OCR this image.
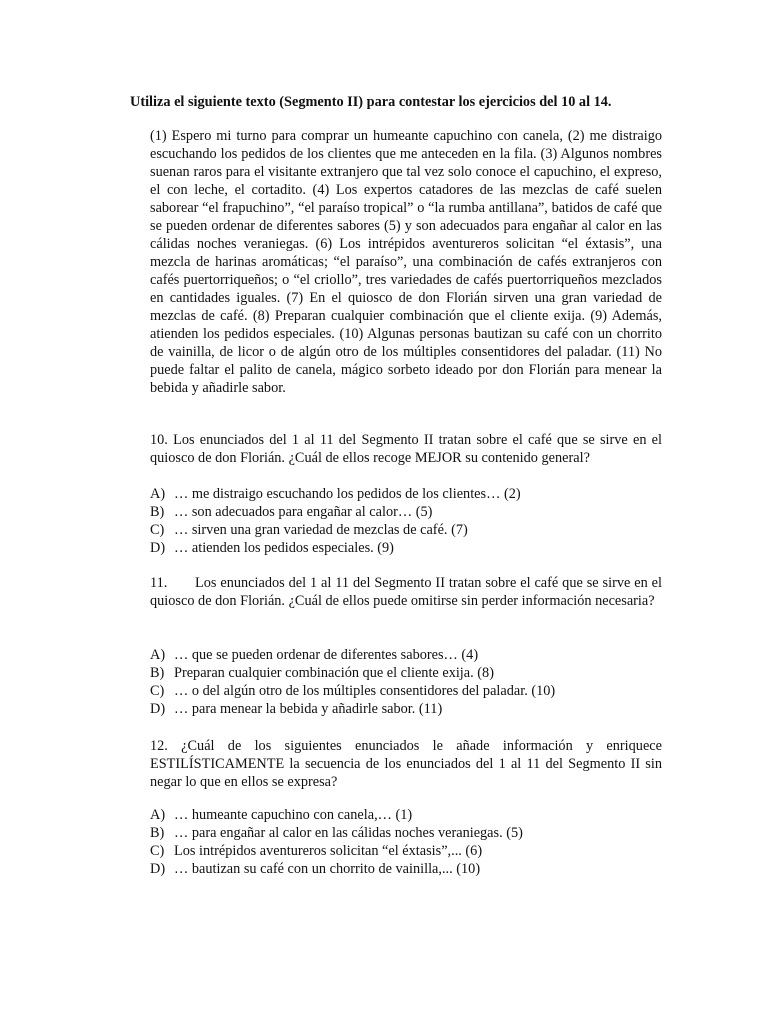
Utiliza el siguiente texto (Segmento II) para contestar los ejercicios del 10 al 14.
(1) Espero mi turno para comprar un humeante capuchino con canela, (2) me distraigo escuchando los pedidos de los clientes que me anteceden en la fila. (3) Algunos nombres suenan raros para el visitante extranjero que tal vez solo conoce el capuchino, el expreso, el con leche, el cortadito. (4) Los expertos catadores de las mezclas de café suelen saborear “el frapuchino”, “el paraíso tropical” o “la rumba antillana”, batidos de café que se pueden ordenar de diferentes sabores (5) y son adecuados para engañar al calor en las cálidas noches veraniegas. (6) Los intrépidos aventureros solicitan “el éxtasis”, una mezcla de harinas aromáticas; “el paraíso”, una combinación de cafés extranjeros con cafés puertorriqueños; o “el criollo”, tres variedades de cafés puertorriqueños mezclados en cantidades iguales. (7) En el quiosco de don Florián sirven una gran variedad de mezclas de café. (8) Preparan cualquier combinación que el cliente exija. (9) Además, atienden los pedidos especiales. (10) Algunas personas bautizan su café con un chorrito de vainilla, de licor o de algún otro de los múltiples consentidores del paladar. (11) No puede faltar el palito de canela, mágico sorbeto ideado por don Florián para menear la bebida y añadirle sabor.
10. Los enunciados del 1 al 11 del Segmento II tratan sobre el café que se sirve en el quiosco de don Florián. ¿Cuál de ellos recoge MEJOR su contenido general?
A) … me distraigo escuchando los pedidos de los clientes… (2)
B) … son adecuados para engañar al calor… (5)
C) … sirven una gran variedad de mezclas de café. (7)
D) … atienden los pedidos especiales. (9)
11. Los enunciados del 1 al 11 del Segmento II tratan sobre el café que se sirve en el quiosco de don Florián. ¿Cuál de ellos puede omitirse sin perder información necesaria?
A) … que se pueden ordenar de diferentes sabores… (4)
B) Preparan cualquier combinación que el cliente exija. (8)
C) … o del algún otro de los múltiples consentidores del paladar. (10)
D) … para menear la bebida y añadirle sabor. (11)
12. ¿Cuál de los siguientes enunciados le añade información y enriquece ESTILÍSTICAMENTE la secuencia de los enunciados del 1 al 11 del Segmento II sin negar lo que en ellos se expresa?
A) … humeante capuchino con canela,… (1)
B) … para engañar al calor en las cálidas noches veraniegas. (5)
C) Los intrépidos aventureros solicitan “el éxtasis”,... (6)
D) … bautizan su café con un chorrito de vainilla,... (10)
